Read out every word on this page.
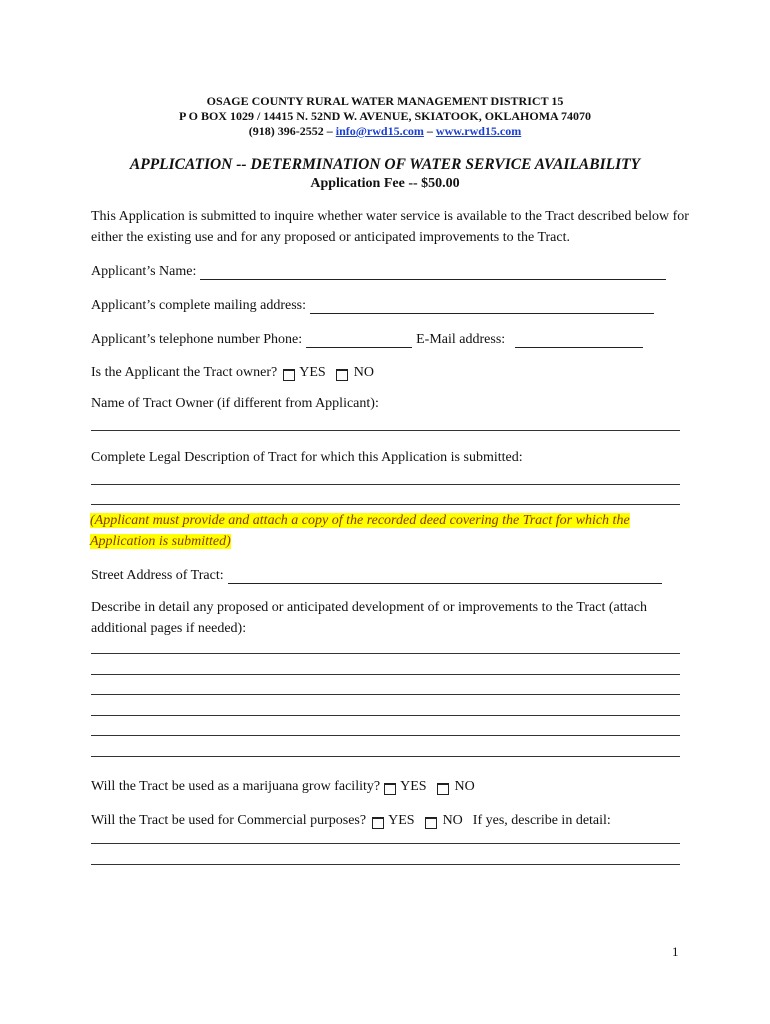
OSAGE COUNTY RURAL WATER MANAGEMENT DISTRICT 15
P O BOX 1029 / 14415 N. 52ND W. AVENUE, SKIATOOK, OKLAHOMA 74070
(918) 396-2552 – info@rwd15.com – www.rwd15.com
APPLICATION -- DETERMINATION OF WATER SERVICE AVAILABILITY
Application Fee -- $50.00
This Application is submitted to inquire whether water service is available to the Tract described below for either the existing use and for any proposed or anticipated improvements to the Tract.
Applicant’s Name:
Applicant’s complete mailing address:
Applicant’s telephone number Phone:	E-Mail address:
Is the Applicant the Tract owner? YES NO
Name of Tract Owner (if different from Applicant):
Complete Legal Description of Tract for which this Application is submitted:
(Applicant must provide and attach a copy of the recorded deed covering the Tract for which the Application is submitted)
Street Address of Tract:
Describe in detail any proposed or anticipated development of or improvements to the Tract (attach additional pages if needed):
Will the Tract be used as a marijuana grow facility? YES NO
Will the Tract be used for Commercial purposes? YES NO If yes, describe in detail:
1
